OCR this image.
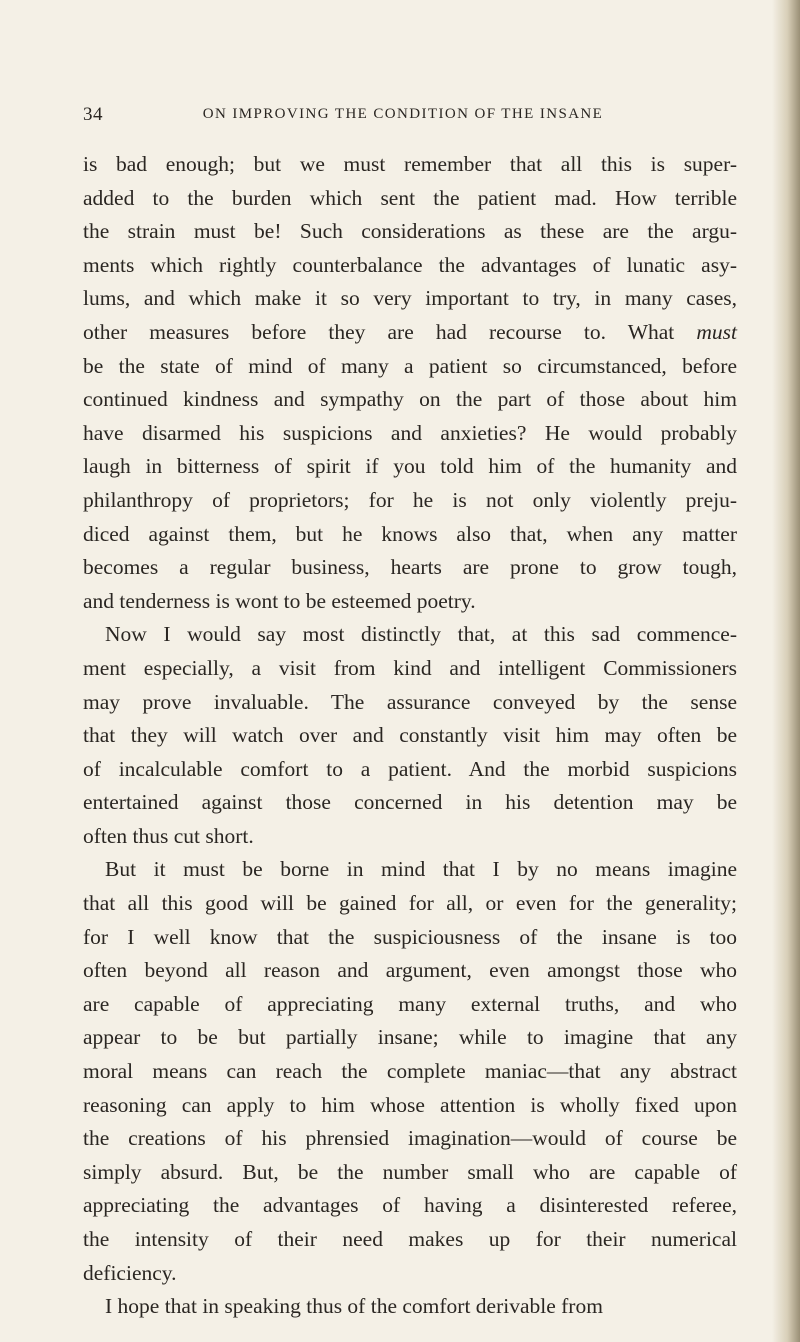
34	ON IMPROVING THE CONDITION OF THE INSANE
is bad enough; but we must remember that all this is super-
added to the burden which sent the patient mad. How terrible
the strain must be! Such considerations as these are the argu-
ments which rightly counterbalance the advantages of lunatic asy-
lums, and which make it so very important to try, in many cases,
other measures before they are had recourse to. What must
be the state of mind of many a patient so circumstanced, before
continued kindness and sympathy on the part of those about him
have disarmed his suspicions and anxieties? He would probably
laugh in bitterness of spirit if you told him of the humanity and
philanthropy of proprietors; for he is not only violently preju-
diced against them, but he knows also that, when any matter
becomes a regular business, hearts are prone to grow tough,
and tenderness is wont to be esteemed poetry.
Now I would say most distinctly that, at this sad commence-
ment especially, a visit from kind and intelligent Commissioners
may prove invaluable. The assurance conveyed by the sense
that they will watch over and constantly visit him may often be
of incalculable comfort to a patient. And the morbid suspicions
entertained against those concerned in his detention may be
often thus cut short.
But it must be borne in mind that I by no means imagine
that all this good will be gained for all, or even for the generality;
for I well know that the suspiciousness of the insane is too
often beyond all reason and argument, even amongst those who
are capable of appreciating many external truths, and who
appear to be but partially insane; while to imagine that any
moral means can reach the complete maniac—that any abstract
reasoning can apply to him whose attention is wholly fixed upon
the creations of his phrensied imagination—would of course be
simply absurd. But, be the number small who are capable of
appreciating the advantages of having a disinterested referee,
the intensity of their need makes up for their numerical
deficiency.
I hope that in speaking thus of the comfort derivable from
